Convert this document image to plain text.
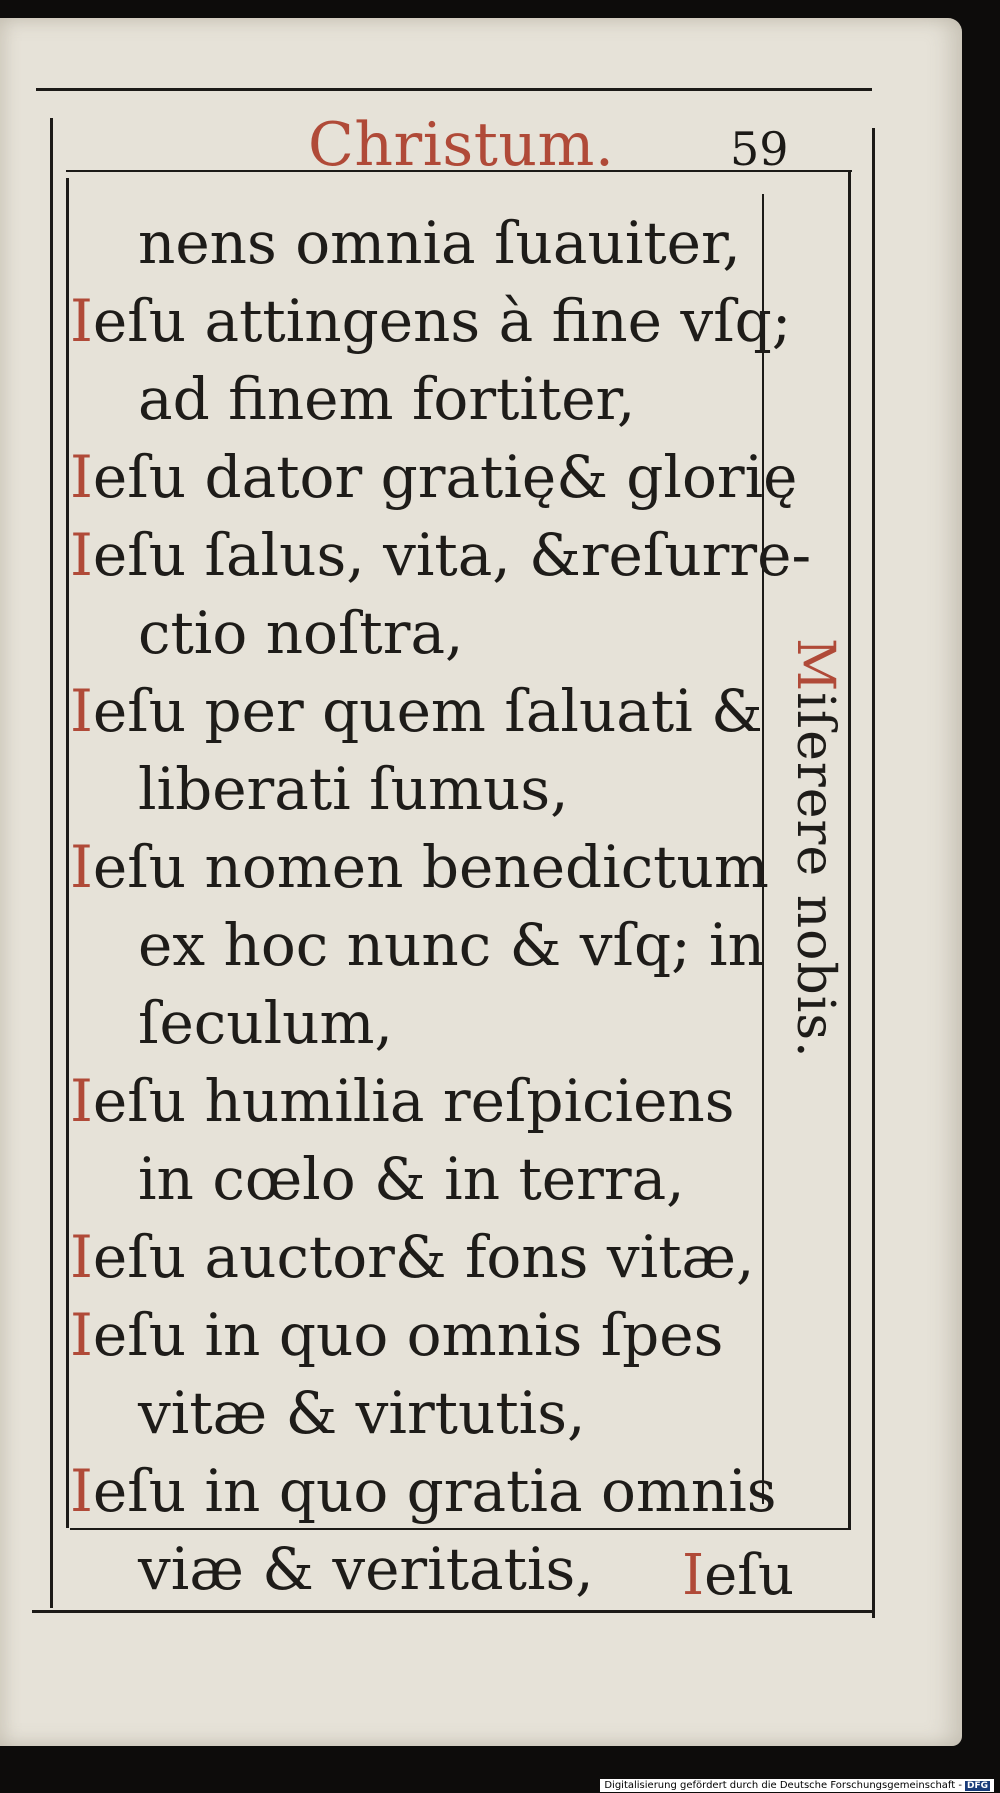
Christum.	59
nens omnia ſuauiter,
Ieſu attingens à fine vſq;
ad finem fortiter,
Ieſu dator gratię& glorię
Ieſu ſalus, vita, &reſurre-
ctio noſtra,
Ieſu per quem ſaluati &
liberati ſumus,
Ieſu nomen benedictum
ex hoc nunc & vſq; in
ſeculum,
Ieſu humilia reſpiciens
in cœlo & in terra,
Ieſu auctor& fons vitæ,
Ieſu in quo omnis ſpes
vitæ & virtutis,
Ieſu in quo gratia omnis
viæ & veritatis,
Miſerere nobis.
Ieſu
Digitalisierung gefördert durch die Deutsche Forschungsgemeinschaft - DFG
